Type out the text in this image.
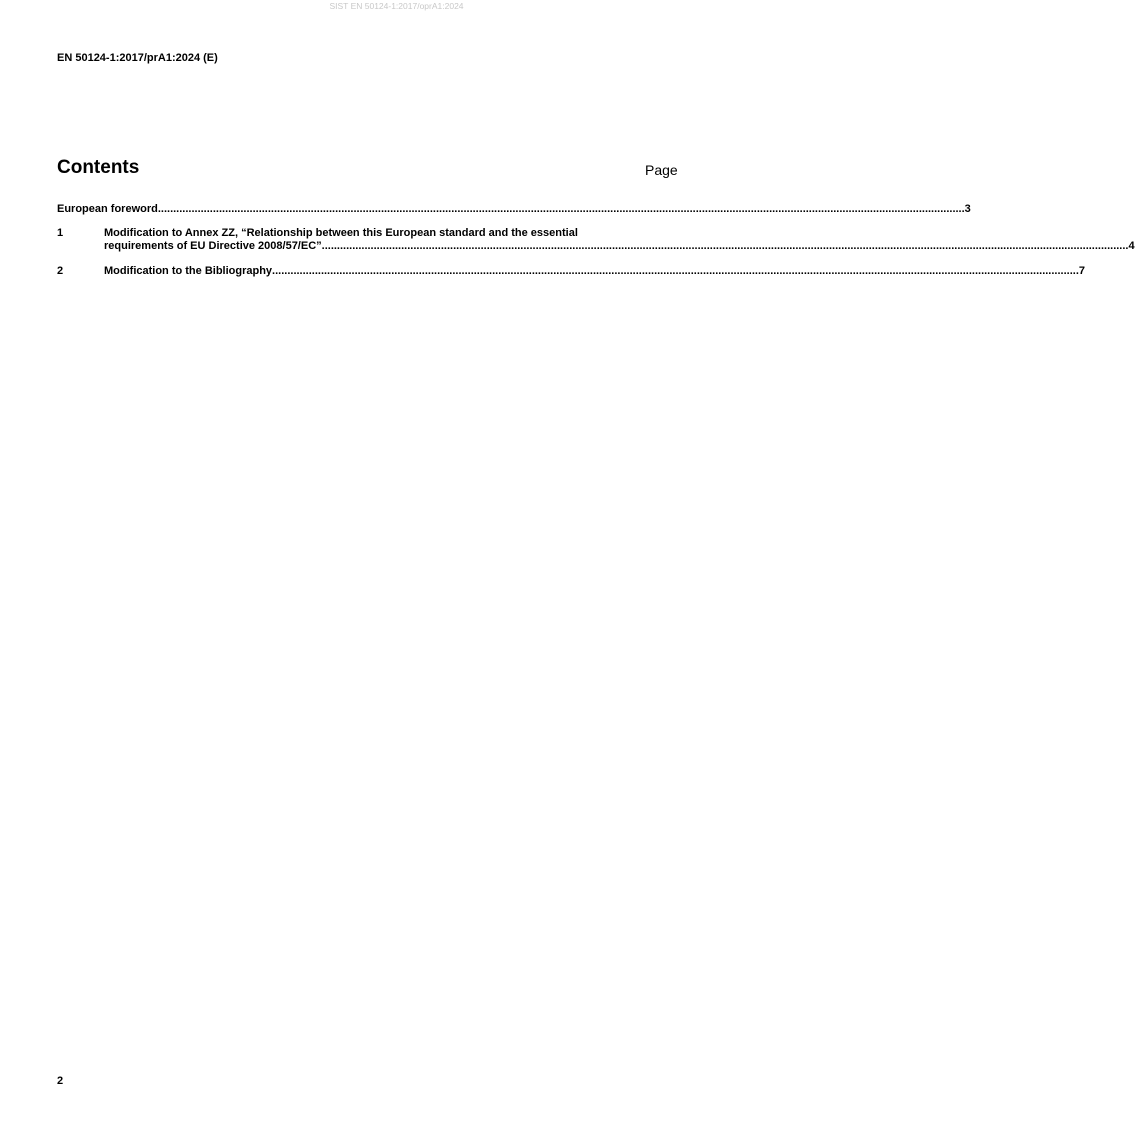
SIST EN 50124-1:2017/oprA1:2024
EN 50124-1:2017/prA1:2024 (E)
Contents	Page
European foreword .....	3
1	Modification to Annex ZZ, “Relationship between this European standard and the essential
requirements of EU Directive 2008/57/EC” .....	4
2	Modification to the Bibliography .....	7
2
